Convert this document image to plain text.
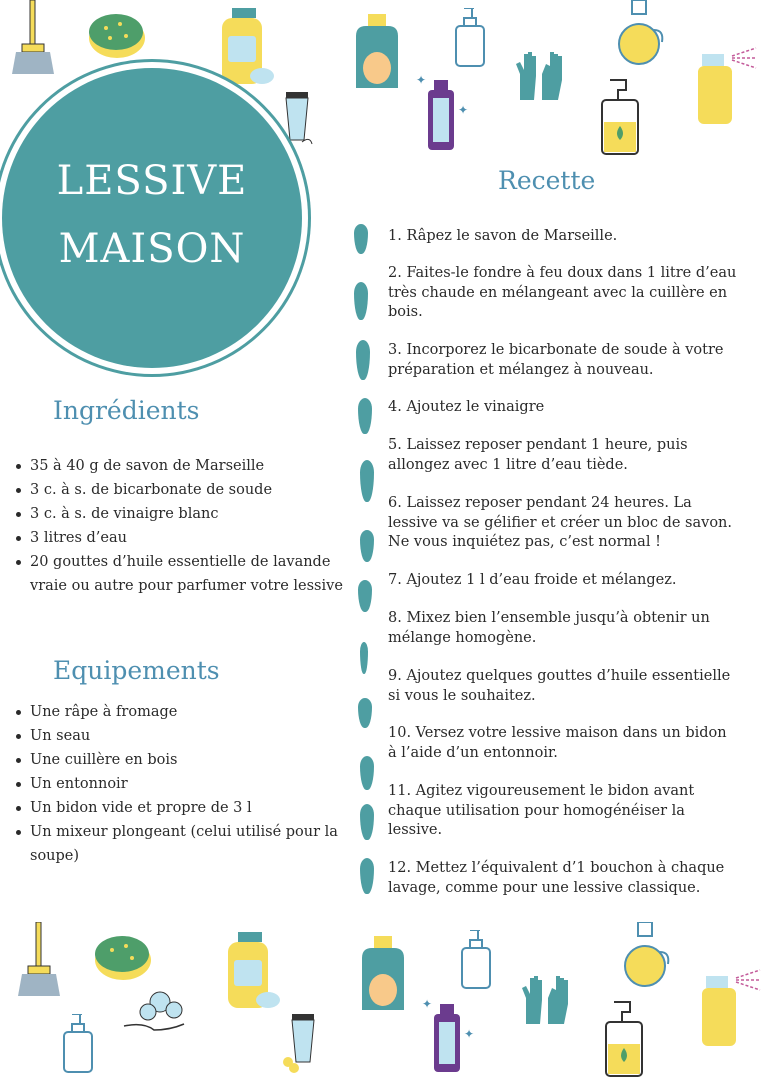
✦
✦
LESSIVE
MAISON
Ingrédients
35 à 40 g de savon de Marseille
3 c. à s. de bicarbonate de soude
3 c. à s. de vinaigre blanc
3 litres d’eau
20 gouttes d’huile essentielle de lavande vraie ou autre pour parfumer votre lessive
Equipements
Une râpe à fromage
Un seau
Une cuillère en bois
Un entonnoir
Un bidon vide et propre de 3 l
Un mixeur plongeant (celui utilisé pour la soupe)
Recette
1. Râpez le savon de Marseille.
2. Faites-le fondre à feu doux dans 1 litre d’eau très chaude en mélangeant avec la cuillère en bois.
3. Incorporez le bicarbonate de soude à votre préparation et mélangez à nouveau.
4. Ajoutez le vinaigre
5. Laissez reposer pendant 1 heure, puis allongez avec 1 litre d’eau tiède.
6. Laissez reposer pendant 24 heures. La lessive va se gélifier et créer un bloc de savon. Ne vous inquiétez pas, c’est normal !
7. Ajoutez 1 l d’eau froide et mélangez.
8. Mixez bien l’ensemble jusqu’à obtenir un mélange homogène.
9. Ajoutez quelques gouttes d’huile essentielle si vous le souhaitez.
10. Versez votre lessive maison dans un bidon à l’aide d’un entonnoir.
11. Agitez vigoureusement le bidon avant chaque utilisation pour homogénéiser la lessive.
12. Mettez l’équivalent d’1 bouchon à chaque lavage, comme pour une lessive classique.
✦
✦
